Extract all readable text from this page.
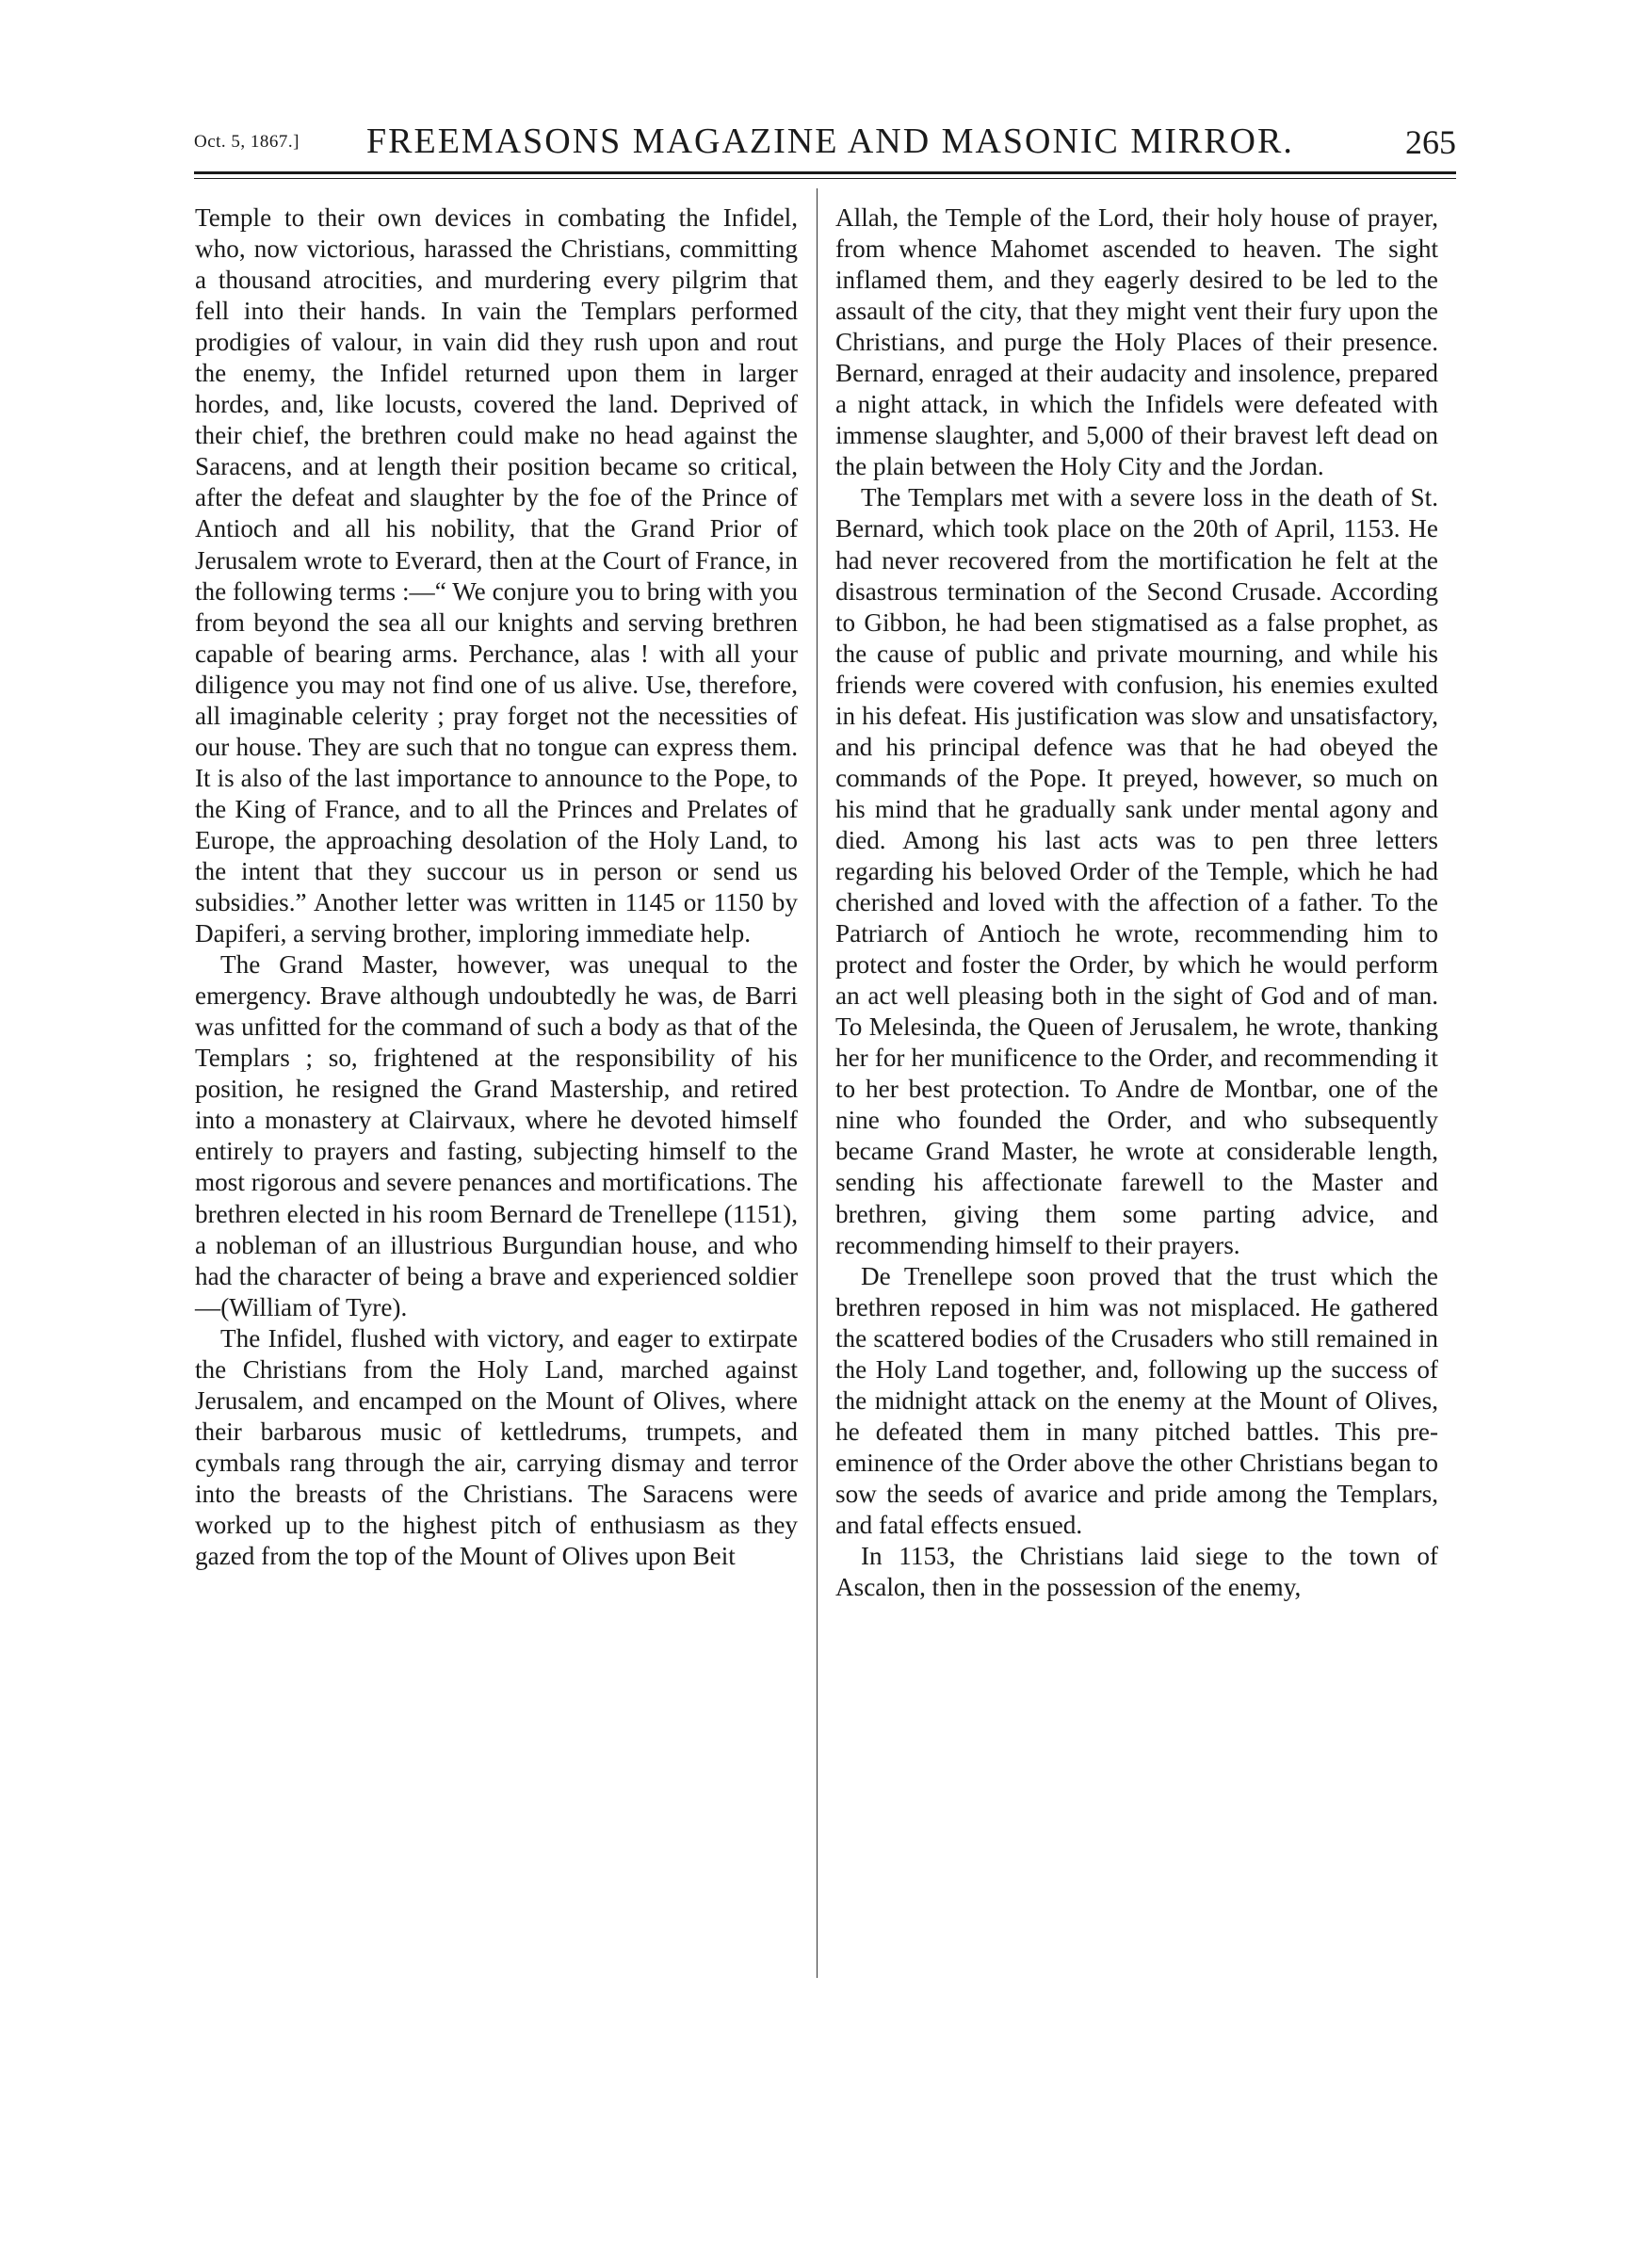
Oct. 5, 1867.] FREEMASONS MAGAZINE AND MASONIC MIRROR.	265

Temple to their own devices in combating the Infidel, who, now victorious, harassed the Christians, committing a thousand atrocities, and murdering every pilgrim that fell into their hands. In vain the Templars performed prodigies of valour, in vain did they rush upon and rout the enemy, the Infidel returned upon them in larger hordes, and, like locusts, covered the land. Deprived of their chief, the brethren could make no head against the Saracens, and at length their position became so critical, after the defeat and slaughter by the foe of the Prince of Antioch and all his nobility, that the Grand Prior of Jerusalem wrote to Everard, then at the Court of France, in the following terms :—“ We conjure you to bring with you from beyond the sea all our knights and serving brethren capable of bearing arms. Perchance, alas ! with all your diligence you may not find one of us alive. Use, therefore, all imaginable celerity ; pray forget not the necessities of our house. They are such that no tongue can express them. It is also of the last importance to announce to the Pope, to the King of France, and to all the Princes and Prelates of Europe, the approaching desolation of the Holy Land, to the intent that they succour us in person or send us subsidies.” Another letter was written in 1145 or 1150 by Dapiferi, a serving brother, imploring immediate help.

The Grand Master, however, was unequal to the emergency. Brave although undoubtedly he was, de Barri was unfitted for the command of such a body as that of the Templars ; so, frightened at the responsibility of his position, he resigned the Grand Mastership, and retired into a monastery at Clairvaux, where he devoted himself entirely to prayers and fasting, subjecting himself to the most rigorous and severe penances and mortifications. The brethren elected in his room Bernard de Trenellepe (1151), a nobleman of an illustrious Burgundian house, and who had the character of being a brave and experienced soldier—(William of Tyre).

The Infidel, flushed with victory, and eager to extirpate the Christians from the Holy Land, marched against Jerusalem, and encamped on the Mount of Olives, where their barbarous music of kettledrums, trumpets, and cymbals rang through the air, carrying dismay and terror into the breasts of the Christians. The Saracens were worked up to the highest pitch of enthusiasm as they gazed from the top of the Mount of Olives upon Beit

Allah, the Temple of the Lord, their holy house of prayer, from whence Mahomet ascended to heaven. The sight inflamed them, and they eagerly desired to be led to the assault of the city, that they might vent their fury upon the Christians, and purge the Holy Places of their presence. Bernard, enraged at their audacity and insolence, prepared a night attack, in which the Infidels were defeated with immense slaughter, and 5,000 of their bravest left dead on the plain between the Holy City and the Jordan.

The Templars met with a severe loss in the death of St. Bernard, which took place on the 20th of April, 1153. He had never recovered from the mortification he felt at the disastrous termination of the Second Crusade. According to Gibbon, he had been stigmatised as a false prophet, as the cause of public and private mourning, and while his friends were covered with confusion, his enemies exulted in his defeat. His justification was slow and unsatisfactory, and his principal defence was that he had obeyed the commands of the Pope. It preyed, however, so much on his mind that he gradually sank under mental agony and died. Among his last acts was to pen three letters regarding his beloved Order of the Temple, which he had cherished and loved with the affection of a father. To the Patriarch of Antioch he wrote, recommending him to protect and foster the Order, by which he would perform an act well pleasing both in the sight of God and of man. To Melesinda, the Queen of Jerusalem, he wrote, thanking her for her munificence to the Order, and recommending it to her best protection. To Andre de Montbar, one of the nine who founded the Order, and who subsequently became Grand Master, he wrote at considerable length, sending his affectionate farewell to the Master and brethren, giving them some parting advice, and recommending himself to their prayers.

De Trenellepe soon proved that the trust which the brethren reposed in him was not misplaced. He gathered the scattered bodies of the Crusaders who still remained in the Holy Land together, and, following up the success of the midnight attack on the enemy at the Mount of Olives, he defeated them in many pitched battles. This preeminence of the Order above the other Christians began to sow the seeds of avarice and pride among the Templars, and fatal effects ensued.

In 1153, the Christians laid siege to the town of Ascalon, then in the possession of the enemy,
